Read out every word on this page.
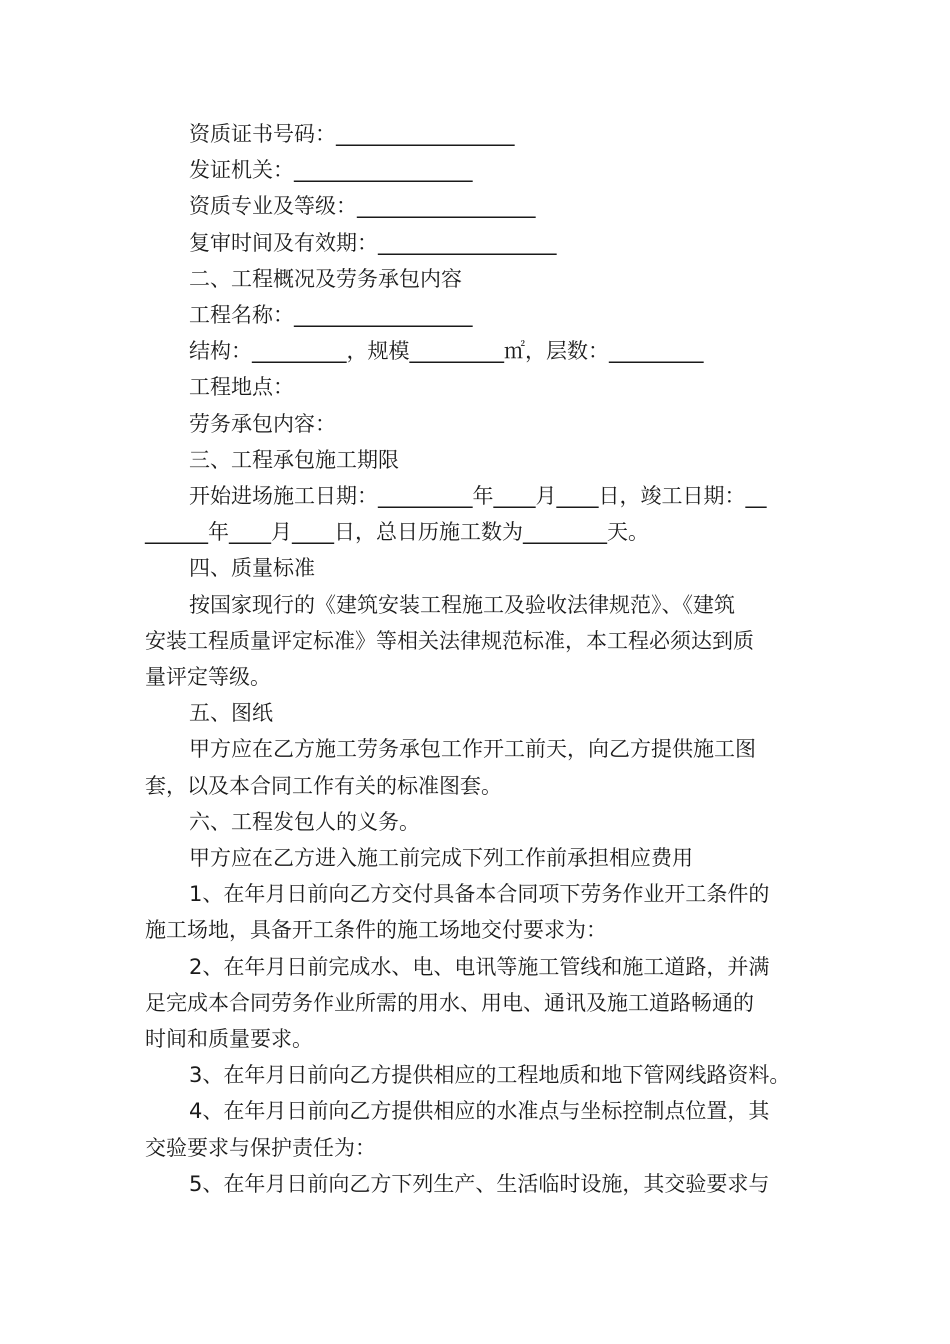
资质证书号码：_________________

发证机关：_________________

资质专业及等级：_________________

复审时间及有效期：_________________

二、工程概况及劳务承包内容

工程名称：_________________

结构：_________，规模_________㎡，层数：_________

工程地点：

劳务承包内容：

三、工程承包施工期限

开始进场施工日期：_________年____月____日，竣工日期：__

______年____月____日，总日历施工数为________天。

四、质量标准

按国家现行的《建筑安装工程施工及验收法律规范》、《建筑

安装工程质量评定标准》等相关法律规范标准，本工程必须达到质

量评定等级。

五、图纸

甲方应在乙方施工劳务承包工作开工前天，向乙方提供施工图

套，以及本合同工作有关的标准图套。

六、工程发包人的义务。

甲方应在乙方进入施工前完成下列工作前承担相应费用

1、在年月日前向乙方交付具备本合同项下劳务作业开工条件的

施工场地，具备开工条件的施工场地交付要求为：

2、在年月日前完成水、电、电讯等施工管线和施工道路，并满

足完成本合同劳务作业所需的用水、用电、通讯及施工道路畅通的

时间和质量要求。

3、在年月日前向乙方提供相应的工程地质和地下管网线路资料。

4、在年月日前向乙方提供相应的水准点与坐标控制点位置，其

交验要求与保护责任为：

5、在年月日前向乙方下列生产、生活临时设施，其交验要求与
